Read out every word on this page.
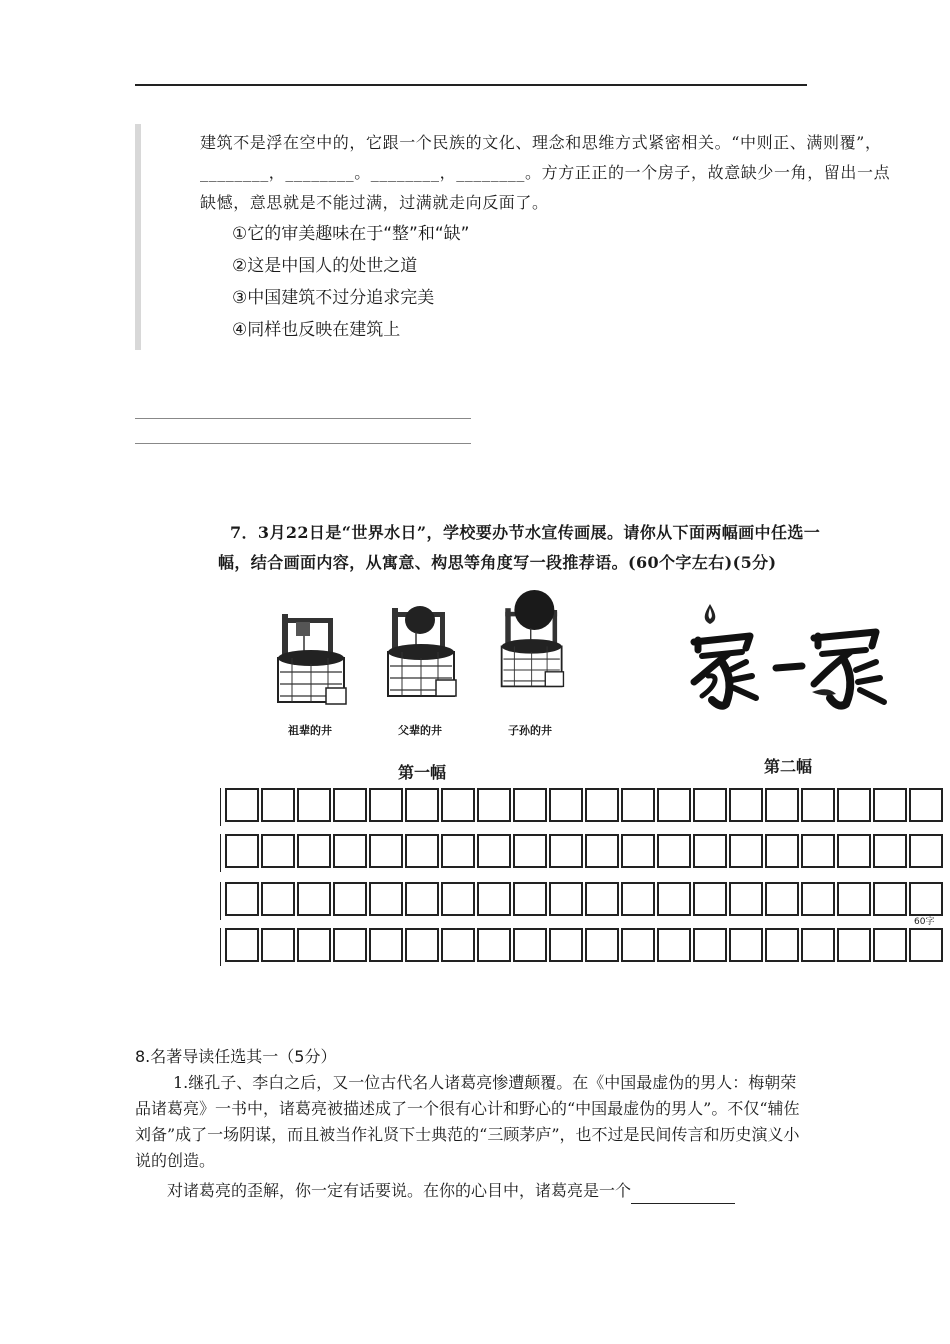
建筑不是浮在空中的，它跟一个民族的文化、理念和思维方式紧密相关。“中则正、满则覆”，________，________。________，________。方方正正的一个房子，故意缺少一角，留出一点缺憾，意思就是不能过满，过满就走向反面了。

①它的审美趣味在于“整”和“缺”
②这是中国人的处世之道
③中国建筑不过分追求完美
④同样也反映在建筑上

7．3月22日是“世界水日”，学校要办节水宣传画展。请你从下面两幅画中任选一

幅，结合画面内容，从寓意、构思等角度写一段推荐语。(60个字左右)(5分)

祖辈的井	父辈的井	子孙的井
第一幅	第二幅
60字
8.名著导读任选其一（5分）

1.继孔子、李白之后，又一位古代名人诸葛亮惨遭颠覆。在《中国最虚伪的男人：梅朝荣品诸葛亮》一书中，诸葛亮被描述成了一个很有心计和野心的“中国最虚伪的男人”。不仅“辅佐刘备”成了一场阴谋，而且被当作礼贤下士典范的“三顾茅庐”，也不过是民间传言和历史演义小说的创造。

对诸葛亮的歪解，你一定有话要说。在你的心目中，诸葛亮是一个
